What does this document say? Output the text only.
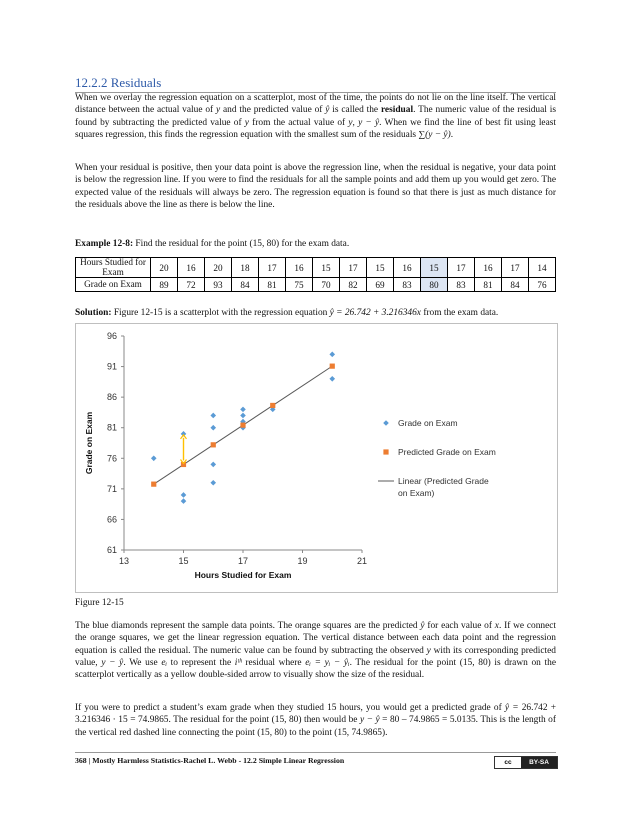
12.2.2 Residuals

When we overlay the regression equation on a scatterplot, most of the time, the points do not lie on the line itself. The vertical distance between the actual value of y and the predicted value of ŷ is called the residual. The numeric value of the residual is found by subtracting the predicted value of y from the actual value of y, y − ŷ. When we find the line of best fit using least squares regression, this finds the regression equation with the smallest sum of the residuals ∑(y − ŷ).

When your residual is positive, then your data point is above the regression line, when the residual is negative, your data point is below the regression line. If you were to find the residuals for all the sample points and add them up you would get zero. The expected value of the residuals will always be zero. The regression equation is found so that there is just as much distance for the residuals above the line as there is below the line.

Example 12-8: Find the residual for the point (15, 80) for the exam data.

Hours Studied for Exam	20	16	20	18	17	16	15	17	15	16	15	17	16	17	14
Grade on Exam	89	72	93	84	81	75	70	82	69	83	80	83	81	84	76

Solution: Figure 12-15 is a scatterplot with the regression equation ŷ = 26.742 + 3.216346x from the exam data.

61
66
71
76
81
86
91
96
13	15	17	19	21
Hours Studied for Exam
Grade on Exam	Grade on Exam
Predicted Grade on Exam
Linear (Predicted Grade
on Exam)
Figure 12-15

The blue diamonds represent the sample data points. The orange squares are the predicted ŷ for each value of x. If we connect the orange squares, we get the linear regression equation. The vertical distance between each data point and the regression equation is called the residual. The numeric value can be found by subtracting the observed y with its corresponding predicted value, y − ŷ. We use eᵢ to represent the iᵗʰ residual where eᵢ = yᵢ − ŷᵢ. The residual for the point (15, 80) is drawn on the scatterplot vertically as a yellow double-sided arrow to visually show the size of the residual.

If you were to predict a student’s exam grade when they studied 15 hours, you would get a predicted grade of ŷ = 26.742 + 3.216346 · 15 = 74.9865. The residual for the point (15, 80) then would be y − ŷ = 80 – 74.9865 = 5.0135. This is the length of the vertical red dashed line connecting the point (15, 80) to the point (15, 74.9865).

368 | Mostly Harmless Statistics-Rachel L. Webb - 12.2 Simple Linear Regression	cc	BY-SA
